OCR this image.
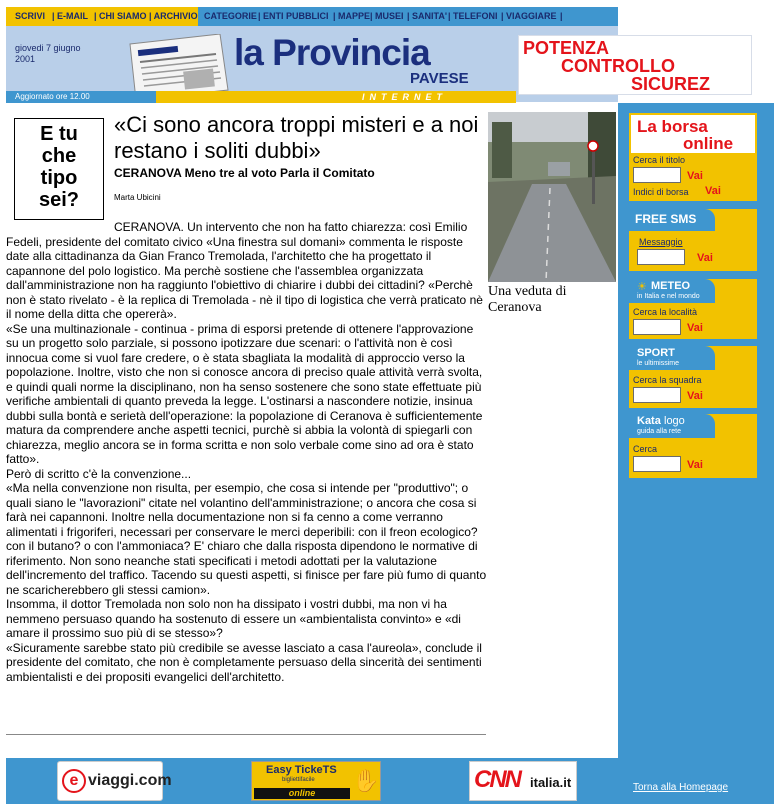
SCRIVI | E-MAIL | CHI SIAMO | ARCHIVIO CATEGORIE | ENTI PUBBLICI | MAPPE | MUSEI | SANITA' | TELEFONI | VIAGGIARE |
giovedi 7 giugno
2001	la Provincia
PAVESE
POTENZA
CONTROLLO
SICUREZ
Aggiornato ore 12.00	INTERNET
La borsa
online
Cerca il titolo
Vai
Indici di borsa Vai
FREE SMS
Messaggio
Vai
☀ METEO
in Italia e nel mondo
Cerca la località
Vai
SPORT
le ultimissime
Cerca la squadra
Vai
Kata logo
guida alla rete
Cerca
Vai
E tu
che
tipo
sei?
«Ci sono ancora troppi misteri e a noi restano i soliti dubbi»
CERANOVA Meno tre al voto Parla il Comitato
Marta Ubicini
Una veduta di Ceranova

CERANOVA. Un intervento che non ha fatto chiarezza: così Emilio Fedeli, presidente del comitato civico «Una finestra sul domani» commenta le risposte date alla cittadinanza da Gian Franco Tremolada, l'architetto che ha progettato il capannone del polo logistico. Ma perchè sostiene che l'assemblea organizzata dall'amministrazione non ha raggiunto l'obiettivo di chiarire i dubbi dei cittadini? «Perchè non è stato rivelato - è la replica di Tremolada - nè il tipo di logistica che verrà praticato nè il nome della ditta che opererà».

«Se una multinazionale - continua - prima di esporsi pretende di ottenere l'approvazione su un progetto solo parziale, si possono ipotizzare due scenari: o l'attività non è così innocua come si vuol fare credere, o è stata sbagliata la modalità di approccio verso la popolazione. Inoltre, visto che non si conosce ancora di preciso quale attività verrà svolta, e quindi quali norme la disciplinano, non ha senso sostenere che sono state effettuate più verifiche ambientali di quanto preveda la legge. L'ostinarsi a nascondere notizie, insinua dubbi sulla bontà e serietà dell'operazione: la popolazione di Ceranova è sufficientemente matura da comprendere anche aspetti tecnici, purchè si abbia la volontà di spiegarli con chiarezza, meglio ancora se in forma scritta e non solo verbale come sino ad ora è stato fatto».

Però di scritto c'è la convenzione...

«Ma nella convenzione non risulta, per esempio, che cosa si intende per "produttivo"; o quali siano le "lavorazioni" citate nel volantino dell'amministrazione; o ancora che cosa si farà nei capannoni. Inoltre nella documentazione non si fa cenno a come verranno alimentati i frigoriferi, necessari per conservare le merci deperibili: con il freon ecologico? con il butano? o con l'ammoniaca? E' chiaro che dalla risposta dipendono le normative di riferimento. Non sono neanche stati specificati i metodi adottati per la valutazione dell'incremento del traffico. Tacendo su questi aspetti, si finisce per fare più fumo di quanto ne scaricherebbero gli stessi camion».

Insomma, il dottor Tremolada non solo non ha dissipato i vostri dubbi, ma non vi ha nemmeno persuaso quando ha sostenuto di essere un «ambientalista convinto» e «di amare il prossimo suo più di se stesso»?

«Sicuramente sarebbe stato più credibile se avesse lasciato a casa l'aureola», conclude il presidente del comitato, che non è completamente persuaso della sincerità dei sentimenti ambientalisti e dei propositi evangelici dell'architetto.

e viaggi.com
Easy TickeTS
bigliettifacile
online	✋	CNN italia.it	Torna alla Homepage
